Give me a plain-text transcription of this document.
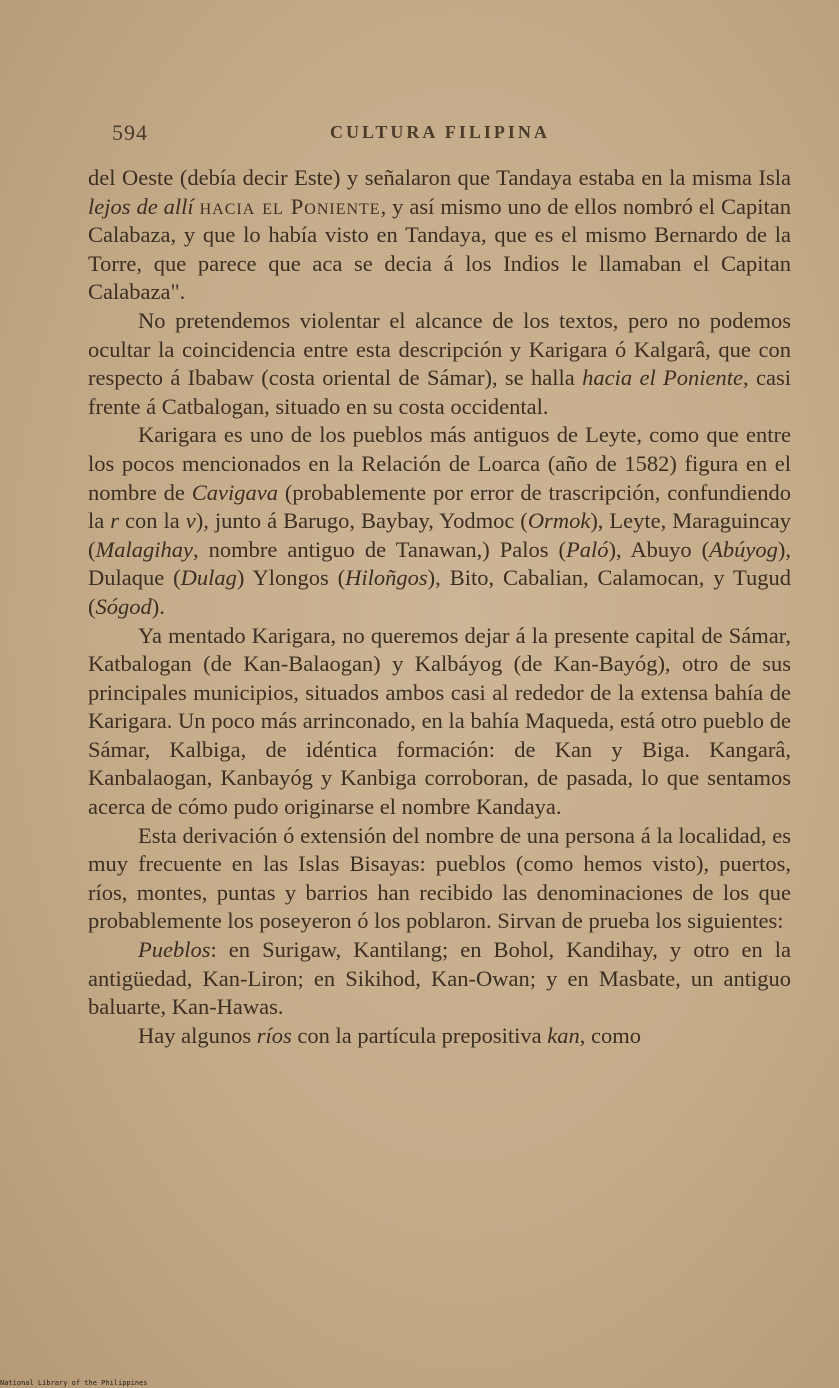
594	CULTURA FILIPINA

del Oeste (debía decir Este) y señalaron que Tandaya estaba en la misma Isla lejos de allí hacia el Poniente, y así mismo uno de ellos nombró el Capitan Calabaza, y que lo había visto en Tandaya, que es el mismo Bernardo de la Torre, que parece que aca se decia á los Indios le llamaban el Capitan Calabaza".

No pretendemos violentar el alcance de los textos, pero no podemos ocultar la coincidencia entre esta descripción y Karigara ó Kalgarâ, que con respecto á Ibabaw (costa oriental de Sámar), se halla hacia el Poniente, casi frente á Catbalogan, situado en su costa occidental.

Karigara es uno de los pueblos más antiguos de Leyte, como que entre los pocos mencionados en la Relación de Loarca (año de 1582) figura en el nombre de Cavigava (probablemente por error de trascripción, confundiendo la r con la v), junto á Barugo, Baybay, Yodmoc (Ormok), Leyte, Maraguincay (Malagihay, nombre antiguo de Tanawan,) Palos (Paló), Abuyo (Abúyog), Dulaque (Dulag) Ylongos (Hiloñgos), Bito, Cabalian, Calamocan, y Tugud (Sógod).

Ya mentado Karigara, no queremos dejar á la presente capital de Sámar, Katbalogan (de Kan-Balaogan) y Kalbáyog (de Kan-Bayóg), otro de sus principales municipios, situados ambos casi al rededor de la extensa bahía de Karigara. Un poco más arrinconado, en la bahía Maqueda, está otro pueblo de Sámar, Kalbiga, de idéntica formación: de Kan y Biga. Kangarâ, Kanbalaogan, Kanbayóg y Kanbiga corroboran, de pasada, lo que sentamos acerca de cómo pudo originarse el nombre Kandaya.

Esta derivación ó extensión del nombre de una persona á la localidad, es muy frecuente en las Islas Bisayas: pueblos (como hemos visto), puertos, ríos, montes, puntas y barrios han recibido las denominaciones de los que probablemente los poseyeron ó los poblaron. Sirvan de prueba los siguientes:

Pueblos: en Surigaw, Kantilang; en Bohol, Kandihay, y otro en la antigüedad, Kan-Liron; en Sikihod, Kan-Owan; y en Masbate, un antiguo baluarte, Kan-Hawas.

Hay algunos ríos con la partícula prepositiva kan, como

National Library of the Philippines
